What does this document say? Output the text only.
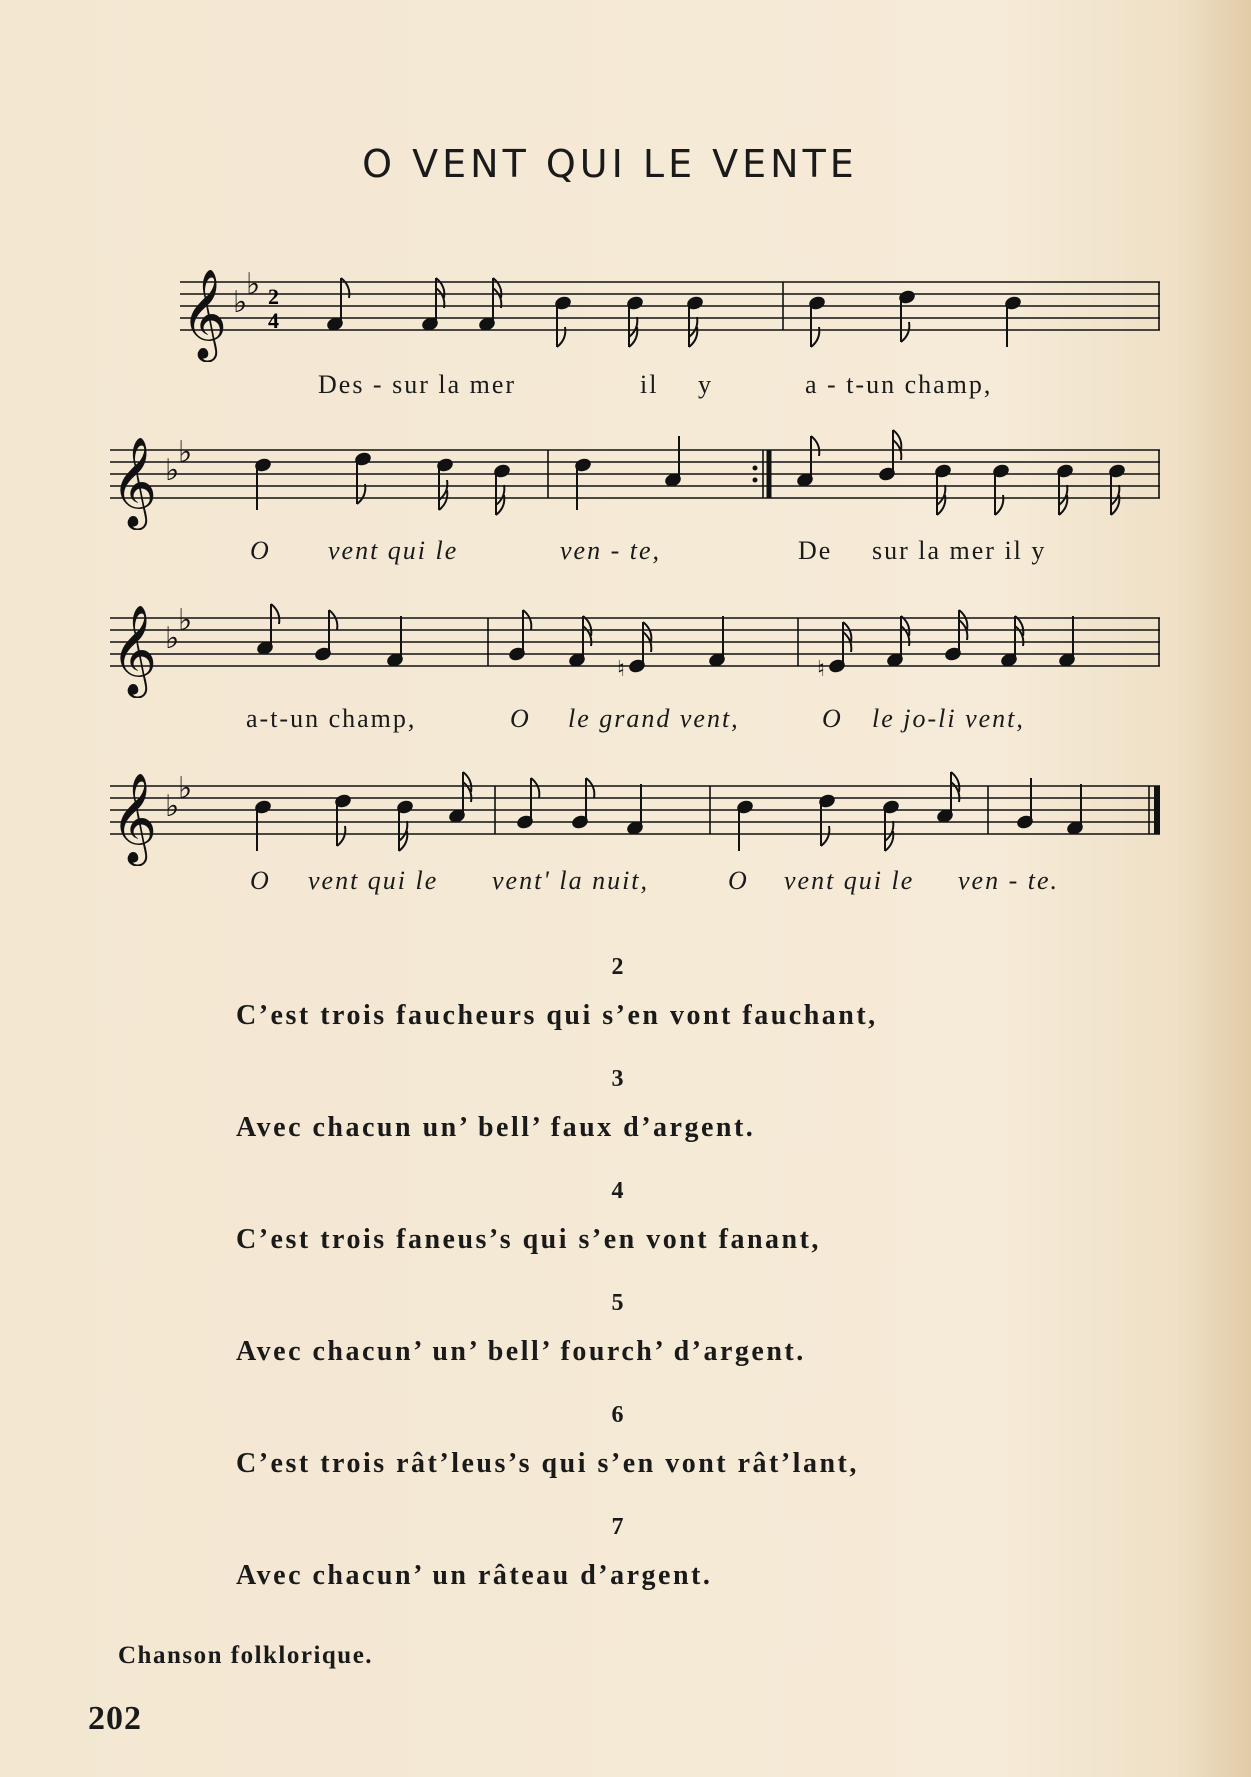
O VENT QUI LE VENTE
𝄞 ♭
♭ 2
4
Des - sur la mer	il y	a - t-un champ,
𝄞 ♭
♭
O vent qui le	ven - te,	De sur la mer il y
𝄞 ♭
♭
♮	♮
a-t-un champ,	O le grand vent,	O le jo-li vent,
𝄞 ♭
♭
O vent qui le vent' la nuit,	O vent qui le ven - te.
2
C’est trois faucheurs qui s’en vont fauchant,
3
Avec chacun un’ bell’ faux d’argent.
4
C’est trois faneus’s qui s’en vont fanant,
5
Avec chacun’ un’ bell’ fourch’ d’argent.
6
C’est trois rât’leus’s qui s’en vont rât’lant,
7
Avec chacun’ un râteau d’argent.
Chanson folklorique.
202
